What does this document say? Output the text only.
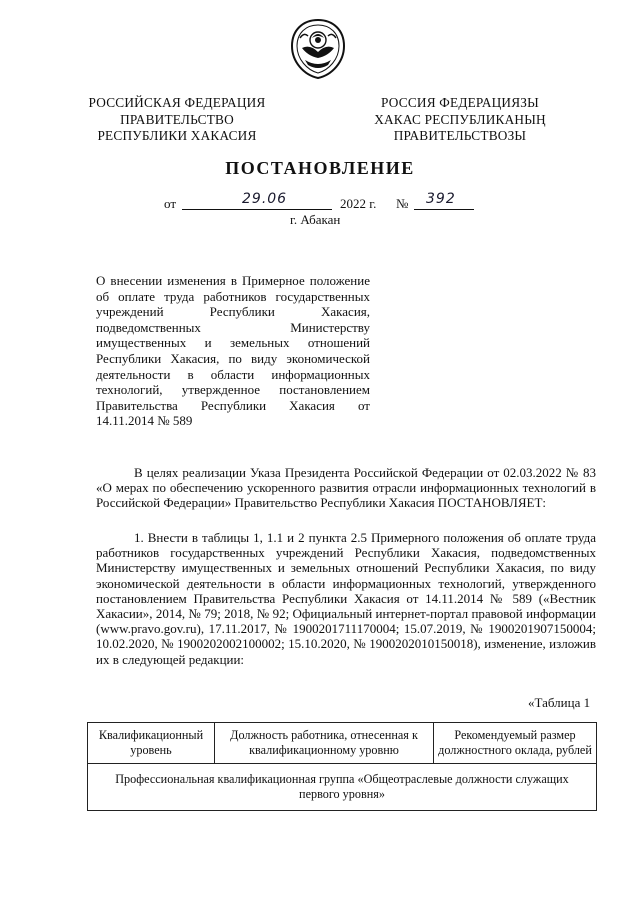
РОССИЙСКАЯ ФЕДЕРАЦИЯ
ПРАВИТЕЛЬСТВО
РЕСПУБЛИКИ ХАКАСИЯ
РОССИЯ ФЕДЕРАЦИЯЗЫ
ХАКАС РЕСПУБЛИКАНЫҢ
ПРАВИТЕЛЬСТВОЗЫ
ПОСТАНОВЛЕНИЕ
от	29.06	2022 г. № 392
г. Абакан
О внесении изменения в Примерное положение об оплате труда работников государственных учреждений Республики Хакасия, подведомственных Министерству имущественных и земельных отношений Республики Хакасия, по виду экономической деятельности в области информационных технологий, утвержденное постановлением Правительства Республики Хакасия от 14.11.2014 № 589
В целях реализации Указа Президента Российской Федерации от 02.03.2022 № 83 «О мерах по обеспечению ускоренного развития отрасли информационных технологий в Российской Федерации» Правительство Республики Хакасия ПОСТАНОВЛЯЕТ:
1. Внести в таблицы 1, 1.1 и 2 пункта 2.5 Примерного положения об оплате труда работников государственных учреждений Республики Хакасия, подведомственных Министерству имущественных и земельных отношений Республики Хакасия, по виду экономической деятельности в области информационных технологий, утвержденного постановлением Правительства Республики Хакасия от 14.11.2014 № 589 («Вестник Хакасии», 2014, № 79; 2018, № 92; Официальный интернет-портал правовой информации (www.pravo.gov.ru), 17.11.2017, № 1900201711170004; 15.07.2019, № 1900201907150004; 10.02.2020, № 1900202002100002; 15.10.2020, № 1900202010150018), изменение, изложив их в следующей редакции:
«Таблица 1
Квалификационный уровень	Должность работника, отнесенная к квалификационному уровню	Рекомендуемый размер должностного оклада, рублей
Профессиональная квалификационная группа «Общеотраслевые должности служащих первого уровня»
